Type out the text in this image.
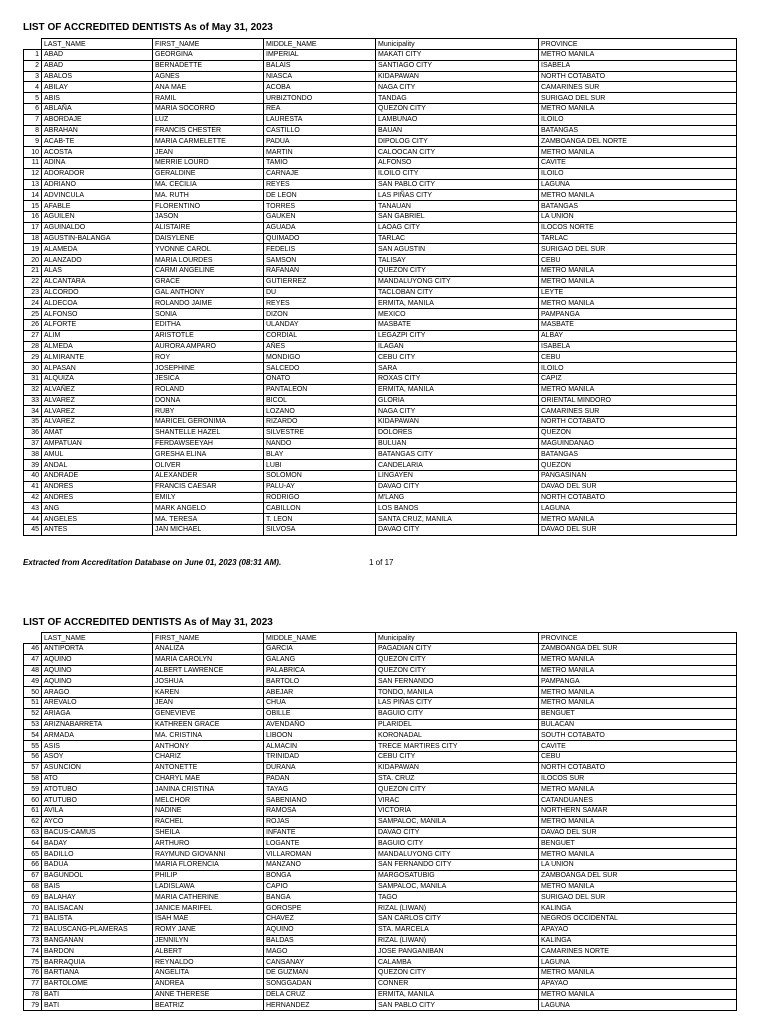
LIST OF ACCREDITED DENTISTS As of May 31, 2023
	LAST_NAME	FIRST_NAME	MIDDLE_NAME	Municipality	PROVINCE
1	ABAD	GEORGINA	IMPERIAL	MAKATI CITY	METRO MANILA
2	ABAD	BERNADETTE	BALAIS	SANTIAGO CITY	ISABELA
3	ABALOS	AGNES	NIASCA	KIDAPAWAN	NORTH COTABATO
4	ABILAY	ANA MAE	ACOBA	NAGA CITY	CAMARINES SUR
5	ABIS	RAMIL	URBIZTONDO	TANDAG	SURIGAO DEL SUR
6	ABLAÑA	MARIA SOCORRO	REA	QUEZON CITY	METRO MANILA
7	ABORDAJE	LUZ	LAURESTA	LAMBUNAO	ILOILO
8	ABRAHAN	FRANCIS CHESTER	CASTILLO	BAUAN	BATANGAS
9	ACAB-TE	MARIA CARMELETTE	PADUA	DIPOLOG CITY	ZAMBOANGA DEL NORTE
10	ACOSTA	JEAN	MARTIN	CALOOCAN CITY	METRO MANILA
11	ADINA	MERRIE LOURD	TAMIO	ALFONSO	CAVITE
12	ADORADOR	GERALDINE	CARNAJE	ILOILO CITY	ILOILO
13	ADRIANO	MA. CECILIA	REYES	SAN PABLO CITY	LAGUNA
14	ADVINCULA	MA. RUTH	DE LEON	LAS PIÑAS CITY	METRO MANILA
15	AFABLE	FLORENTINO	TORRES	TANAUAN	BATANGAS
16	AGUILEN	JASON	GAUKEN	SAN GABRIEL	LA UNION
17	AGUINALDO	ALISTAIRE	AGUADA	LAOAG CITY	ILOCOS NORTE
18	AGUSTIN-BALANGA	DAISYLENE	QUIMADO	TARLAC	TARLAC
19	ALAMEDA	YVONNE CAROL	FEDELIS	SAN AGUSTIN	SURIGAO DEL SUR
20	ALANZADO	MARIA LOURDES	SAMSON	TALISAY	CEBU
21	ALAS	CARMI ANGELINE	RAFANAN	QUEZON CITY	METRO MANILA
22	ALCANTARA	GRACE	GUTIERREZ	MANDALUYONG CITY	METRO MANILA
23	ALCORDO	GAL ANTHONY	DU	TACLOBAN CITY	LEYTE
24	ALDECOA	ROLANDO JAIME	REYES	ERMITA, MANILA	METRO MANILA
25	ALFONSO	SONIA	DIZON	MEXICO	PAMPANGA
26	ALFORTE	EDITHA	ULANDAY	MASBATE	MASBATE
27	ALIM	ARISTOTLE	CORDIAL	LEGAZPI CITY	ALBAY
28	ALMEDA	AURORA AMPARO	AÑES	ILAGAN	ISABELA
29	ALMIRANTE	ROY	MONDIGO	CEBU CITY	CEBU
30	ALPASAN	JOSEPHINE	SALCEDO	SARA	ILOILO
31	ALQUIZA	JESICA	ONATO	ROXAS CITY	CAPIZ
32	ALVAÑEZ	ROLAND	PANTALEON	ERMITA, MANILA	METRO MANILA
33	ALVAREZ	DONNA	BICOL	GLORIA	ORIENTAL MINDORO
34	ALVAREZ	RUBY	LOZANO	NAGA CITY	CAMARINES SUR
35	ALVAREZ	MARICEL GERONIMA	RIZARDO	KIDAPAWAN	NORTH COTABATO
36	AMAT	SHANTELLE HAZEL	SILVESTRE	DOLORES	QUEZON
37	AMPATUAN	FERDAWSEEYAH	NANDO	BULUAN	MAGUINDANAO
38	AMUL	GRESHA ELINA	BLAY	BATANGAS CITY	BATANGAS
39	ANDAL	OLIVER	LUBI	CANDELARIA	QUEZON
40	ANDRADE	ALEXANDER	SOLOMON	LINGAYEN	PANGASINAN
41	ANDRES	FRANCIS CAESAR	PALU-AY	DAVAO CITY	DAVAO DEL SUR
42	ANDRES	EMILY	RODRIGO	M'LANG	NORTH COTABATO
43	ANG	MARK ANGELO	CABILLON	LOS BANOS	LAGUNA
44	ANGELES	MA. TERESA	T. LEON	SANTA CRUZ, MANILA	METRO MANILA
45	ANTES	JAN MICHAEL	SILVOSA	DAVAO CITY	DAVAO DEL SUR

Extracted from Accreditation Database on June 01, 2023 (08:31 AM).	1 of 17

LIST OF ACCREDITED DENTISTS As of May 31, 2023
	LAST_NAME	FIRST_NAME	MIDDLE_NAME	Municipality	PROVINCE
46	ANTIPORTA	ANALIZA	GARCIA	PAGADIAN CITY	ZAMBOANGA DEL SUR
47	AQUINO	MARIA CAROLYN	GALANG	QUEZON CITY	METRO MANILA
48	AQUINO	ALBERT LAWRENCE	PALABRICA	QUEZON CITY	METRO MANILA
49	AQUINO	JOSHUA	BARTOLO	SAN FERNANDO	PAMPANGA
50	ARAGO	KAREN	ABEJAR	TONDO, MANILA	METRO MANILA
51	AREVALO	JEAN	CHUA	LAS PIÑAS CITY	METRO MANILA
52	ARIAGA	GENEVIEVE	OBILLE	BAGUIO CITY	BENGUET
53	ARIZNABARRETA	KATHREEN GRACE	AVENDAÑO	PLARIDEL	BULACAN
54	ARMADA	MA. CRISTINA	LIBOON	KORONADAL	SOUTH COTABATO
55	ASIS	ANTHONY	ALMACIN	TRECE MARTIRES CITY	CAVITE
56	ASOY	CHARIZ	TRINIDAD	CEBU CITY	CEBU
57	ASUNCION	ANTONETTE	DURANA	KIDAPAWAN	NORTH COTABATO
58	ATO	CHARYL MAE	PADAN	STA. CRUZ	ILOCOS SUR
59	ATOTUBO	JANINA CRISTINA	TAYAG	QUEZON CITY	METRO MANILA
60	ATUTUBO	MELCHOR	SABENIANO	VIRAC	CATANDUANES
61	AVILA	NADINE	RAMOSA	VICTORIA	NORTHERN SAMAR
62	AYCO	RACHEL	ROJAS	SAMPALOC, MANILA	METRO MANILA
63	BACUS-CAMUS	SHEILA	INFANTE	DAVAO CITY	DAVAO DEL SUR
64	BADAY	ARTHURO	LOGANTE	BAGUIO CITY	BENGUET
65	BADILLO	RAYMUND GIOVANNI	VILLAROMAN	MANDALUYONG CITY	METRO MANILA
66	BADUA	MARIA FLORENCIA	MANZANO	SAN FERNANDO CITY	LA UNION
67	BAGUNDOL	PHILIP	BONGA	MARGOSATUBIG	ZAMBOANGA DEL SUR
68	BAIS	LADISLAWA	CAPIO	SAMPALOC, MANILA	METRO MANILA
69	BALAHAY	MARIA CATHERINE	BANGA	TAGO	SURIGAO DEL SUR
70	BALISACAN	JANICE MARIFEL	GOROSPE	RIZAL (LIWAN)	KALINGA
71	BALISTA	ISAH MAE	CHAVEZ	SAN CARLOS CITY	NEGROS OCCIDENTAL
72	BALUSCANG-PLAMERAS	ROMY JANE	AQUINO	STA. MARCELA	APAYAO
73	BANGANAN	JENNILYN	BALDAS	RIZAL (LIWAN)	KALINGA
74	BARDON	ALBERT	MAGO	JOSE PANGANIBAN	CAMARINES NORTE
75	BARRAQUIA	REYNALDO	CANSANAY	CALAMBA	LAGUNA
76	BARTIANA	ANGELITA	DE GUZMAN	QUEZON CITY	METRO MANILA
77	BARTOLOME	ANDREA	SONGGADAN	CONNER	APAYAO
78	BATI	ANNE THERESE	DELA CRUZ	ERMITA, MANILA	METRO MANILA
79	BATI	BEATRIZ	HERNANDEZ	SAN PABLO CITY	LAGUNA
